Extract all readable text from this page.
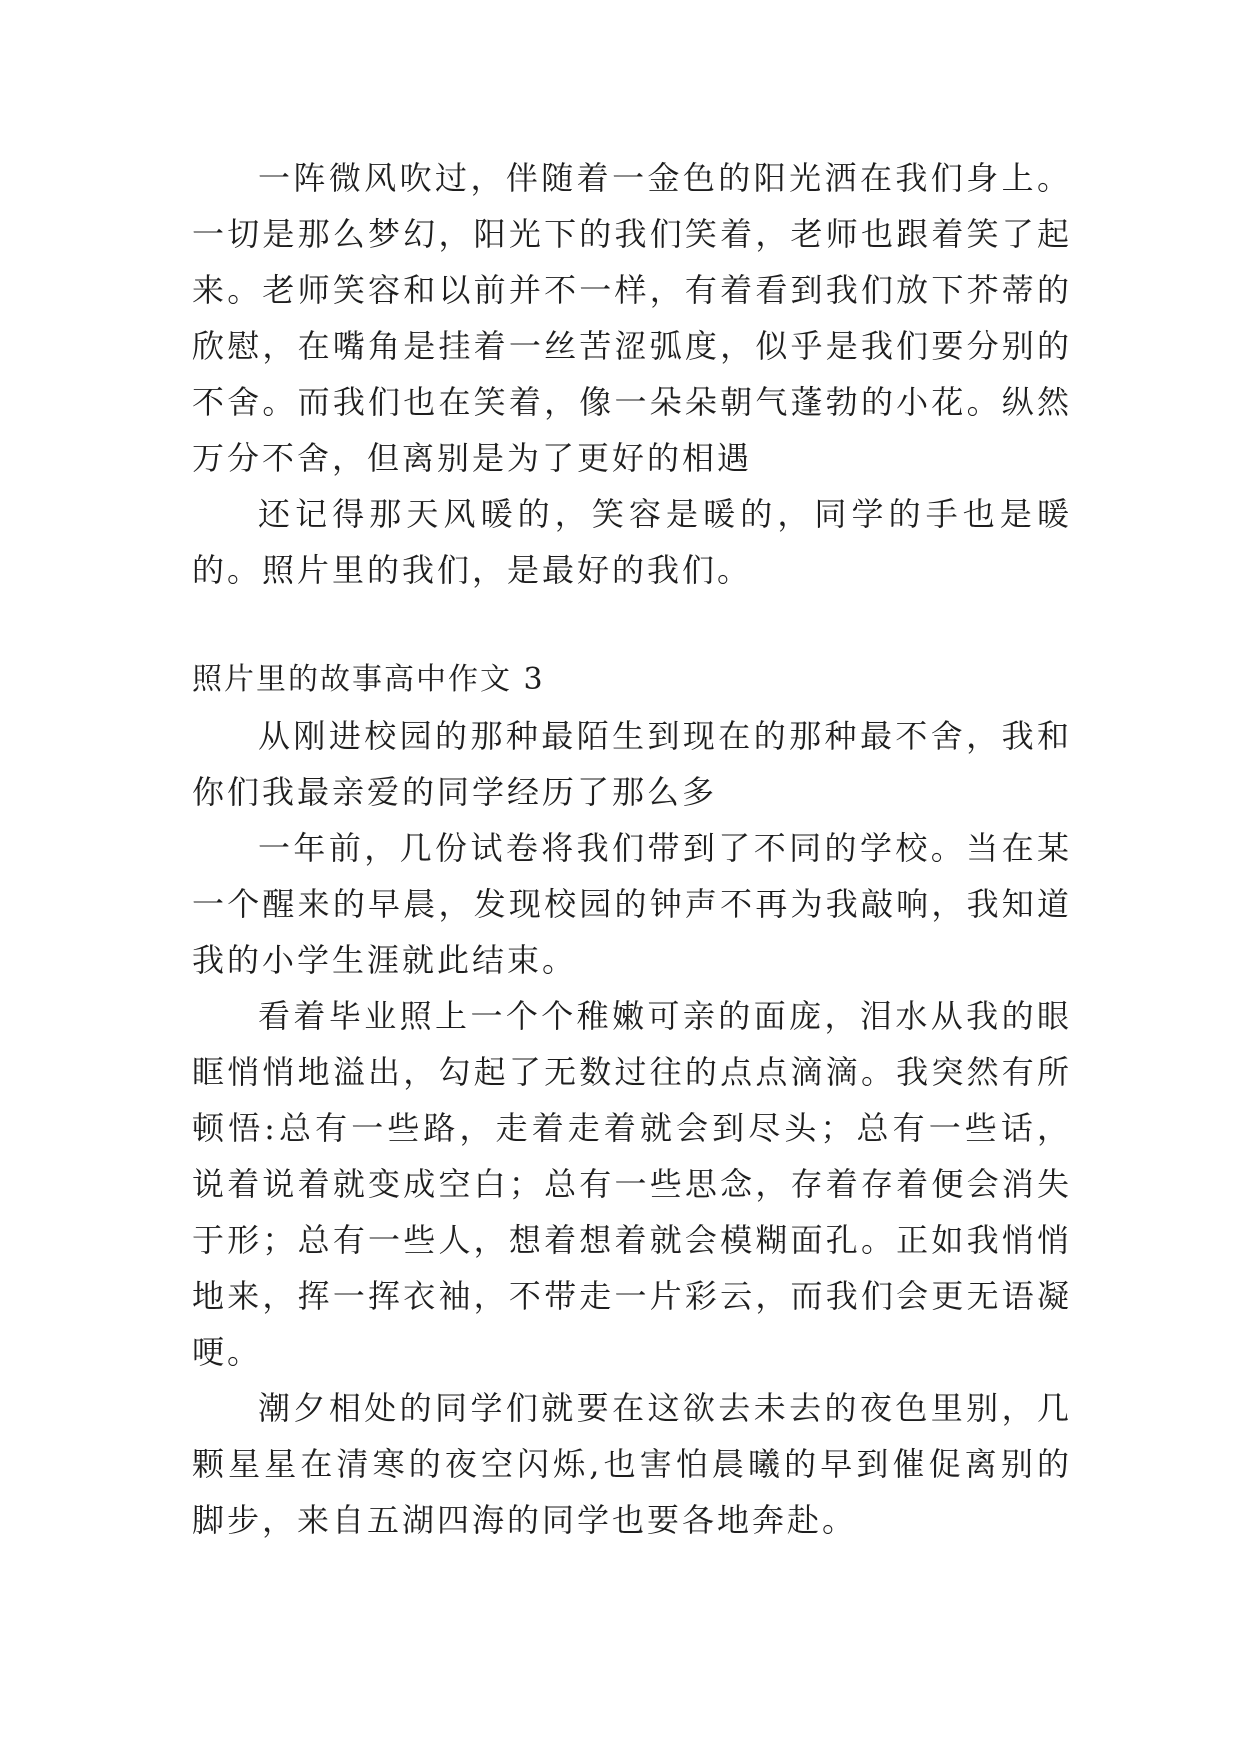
一阵微风吹过，伴随着一金色的阳光洒在我们身上。一切是那么梦幻，阳光下的我们笑着，老师也跟着笑了起来。老师笑容和以前并不一样，有着看到我们放下芥蒂的欣慰，在嘴角是挂着一丝苦涩弧度，似乎是我们要分别的不舍。而我们也在笑着，像一朵朵朝气蓬勃的小花。纵然万分不舍，但离别是为了更好的相遇

还记得那天风暖的，笑容是暖的，同学的手也是暖的。照片里的我们，是最好的我们。

照片里的故事高中作文 3

从刚进校园的那种最陌生到现在的那种最不舍，我和你们我最亲爱的同学经历了那么多

一年前，几份试卷将我们带到了不同的学校。当在某一个醒来的早晨，发现校园的钟声不再为我敲响，我知道我的小学生涯就此结束。

看着毕业照上一个个稚嫩可亲的面庞，泪水从我的眼眶悄悄地溢出，勾起了无数过往的点点滴滴。我突然有所顿悟:总有一些路，走着走着就会到尽头；总有一些话，说着说着就变成空白；总有一些思念，存着存着便会消失于形；总有一些人，想着想着就会模糊面孔。正如我悄悄地来，挥一挥衣袖，不带走一片彩云，而我们会更无语凝哽。

潮夕相处的同学们就要在这欲去未去的夜色里别，几颗星星在清寒的夜空闪烁,也害怕晨曦的早到催促离别的脚步，来自五湖四海的同学也要各地奔赴。
